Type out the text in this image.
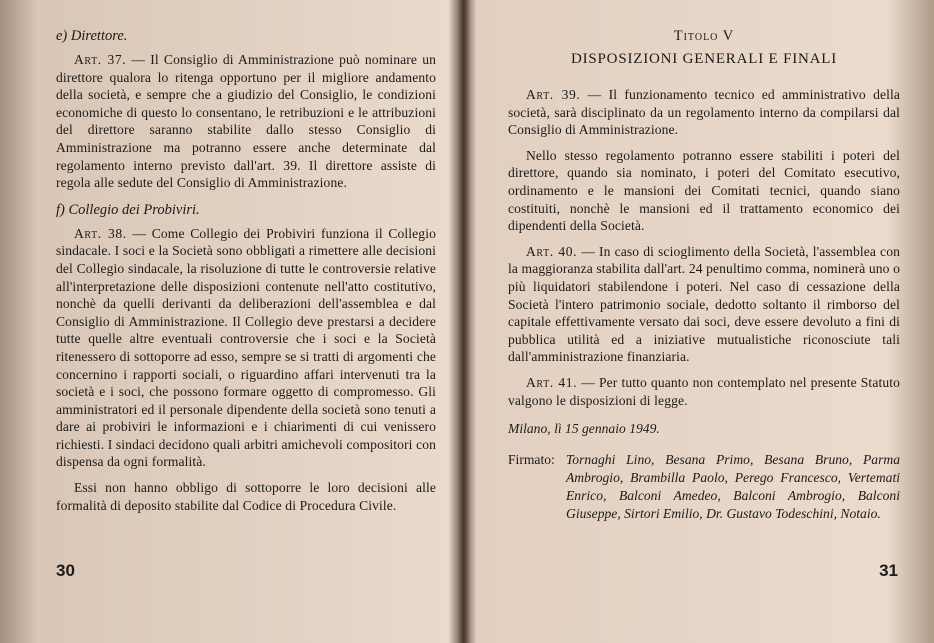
e) Direttore.

Art. 37. — Il Consiglio di Amministrazione può nominare un direttore qualora lo ritenga opportuno per il migliore andamento della società, e sempre che a giudizio del Consiglio, le condizioni economiche di questo lo consentano, le retribuzioni e le attribuzioni del direttore saranno stabilite dallo stesso Consiglio di Amministrazione ma potranno essere anche determinate dal regolamento interno previsto dall'art. 39. Il direttore assiste di regola alle sedute del Consiglio di Amministrazione.

f) Collegio dei Probiviri.

Art. 38. — Come Collegio dei Probiviri funziona il Collegio sindacale. I soci e la Società sono obbligati a rimettere alle decisioni del Collegio sindacale, la risoluzione di tutte le controversie relative all'interpretazione delle disposizioni contenute nell'atto costitutivo, nonchè da quelli derivanti da deliberazioni dell'assemblea e dal Consiglio di Amministrazione. Il Collegio deve prestarsi a decidere tutte quelle altre eventuali controversie che i soci e la Società ritenessero di sottoporre ad esso, sempre se si tratti di argomenti che concernino i rapporti sociali, o riguardino affari intervenuti tra la società e i soci, che possono formare oggetto di compromesso. Gli amministratori ed il personale dipendente della società sono tenuti a dare ai probiviri le informazioni e i chiarimenti di cui venissero richiesti. I sindaci decidono quali arbitri amichevoli compositori con dispensa da ogni formalità.

Essi non hanno obbligo di sottoporre le loro decisioni alle formalità di deposito stabilite dal Codice di Procedura Civile.

30
Titolo V
DISPOSIZIONI GENERALI E FINALI

Art. 39. — Il funzionamento tecnico ed amministrativo della società, sarà disciplinato da un regolamento interno da compilarsi dal Consiglio di Amministrazione.

Nello stesso regolamento potranno essere stabiliti i poteri del direttore, quando sia nominato, i poteri del Comitato esecutivo, ordinamento e le mansioni dei Comitati tecnici, quando siano costituiti, nonchè le mansioni ed il trattamento economico dei dipendenti della Società.

Art. 40. — In caso di scioglimento della Società, l'assemblea con la maggioranza stabilita dall'art. 24 penultimo comma, nominerà uno o più liquidatori stabilendone i poteri. Nel caso di cessazione della Società l'intero patrimonio sociale, dedotto soltanto il rimborso del capitale effettivamente versato dai soci, deve essere devoluto a fini di pubblica utilità ed a iniziative mutualistiche riconosciute tali dall'amministrazione finanziaria.

Art. 41. — Per tutto quanto non contemplato nel presente Statuto valgono le disposizioni di legge.

Milano, lì 15 gennaio 1949.
Firmato: Tornaghi Lino, Besana Primo, Besana Bruno, Parma Ambrogio, Brambilla Paolo, Perego Francesco, Vertemati Enrico, Balconi Amedeo, Balconi Ambrogio, Balconi Giuseppe, Sirtori Emilio, Dr. Gustavo Todeschini, Notaio.
31
